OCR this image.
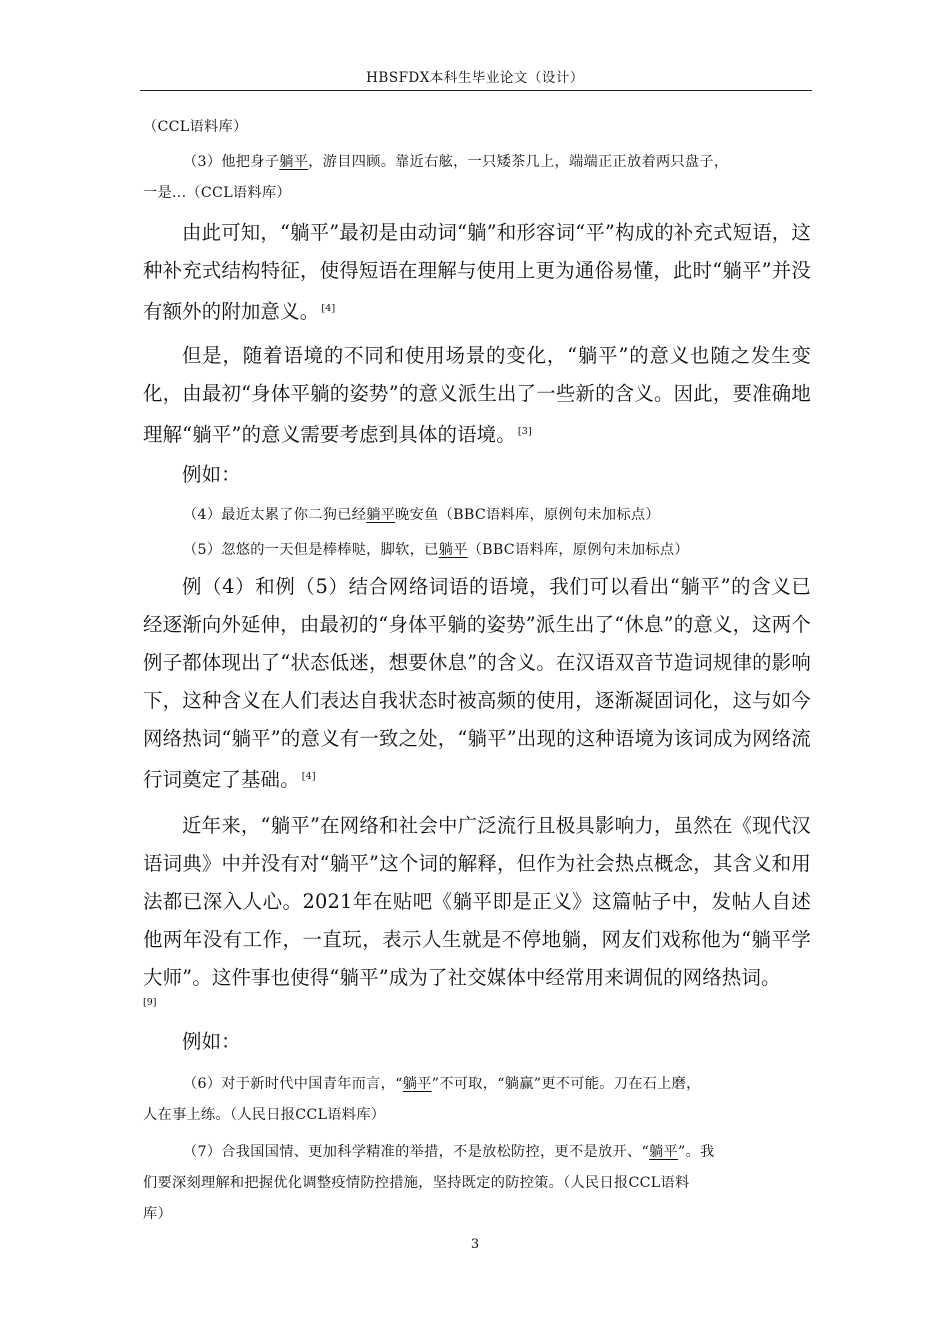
HBSFDX本科生毕业论文（设计）

（CCL语料库）

（3）他把身子躺平，游目四顾。靠近右舷，一只矮茶几上，端端正正放着两只盘子，

一是...（CCL语料库）

由此可知，“躺平”最初是由动词“躺”和形容词“平”构成的补充式短语，这种补充式结构特征，使得短语在理解与使用上更为通俗易懂，此时“躺平”并没有额外的附加意义。 [4]

但是，随着语境的不同和使用场景的变化，“躺平”的意义也随之发生变化，由最初“身体平躺的姿势”的意义派生出了一些新的含义。因此，要准确地理解“躺平”的意义需要考虑到具体的语境。 [3]

例如：

（4）最近太累了你二狗已经躺平晚安鱼（BBC语料库，原例句未加标点）

（5）忽悠的一天但是棒棒哒，脚软，已躺平（BBC语料库，原例句未加标点）

例（4）和例（5）结合网络词语的语境，我们可以看出“躺平”的含义已经逐渐向外延伸，由最初的“身体平躺的姿势”派生出了“休息”的意义，这两个例子都体现出了“状态低迷，想要休息”的含义。在汉语双音节造词规律的影响下，这种含义在人们表达自我状态时被高频的使用，逐渐凝固词化，这与如今网络热词“躺平”的意义有一致之处，“躺平”出现的这种语境为该词成为网络流行词奠定了基础。 [4]

近年来，“躺平”在网络和社会中广泛流行且极具影响力，虽然在《现代汉语词典》中并没有对“躺平”这个词的解释，但作为社会热点概念，其含义和用法都已深入人心。2021年在贴吧《躺平即是正义》这篇帖子中，发帖人自述他两年没有工作，一直玩，表示人生就是不停地躺，网友们戏称他为“躺平学大师”。这件事也使得“躺平”成为了社交媒体中经常用来调侃的网络热词。

[9]

例如：

（6）对于新时代中国青年而言，“躺平”不可取，“躺赢”更不可能。刀在石上磨，

人在事上练。（人民日报CCL语料库）

（7）合我国国情、更加科学精准的举措，不是放松防控，更不是放开、“躺平”。我

们要深刻理解和把握优化调整疫情防控措施，坚持既定的防控策。（人民日报CCL语料

库）

3
